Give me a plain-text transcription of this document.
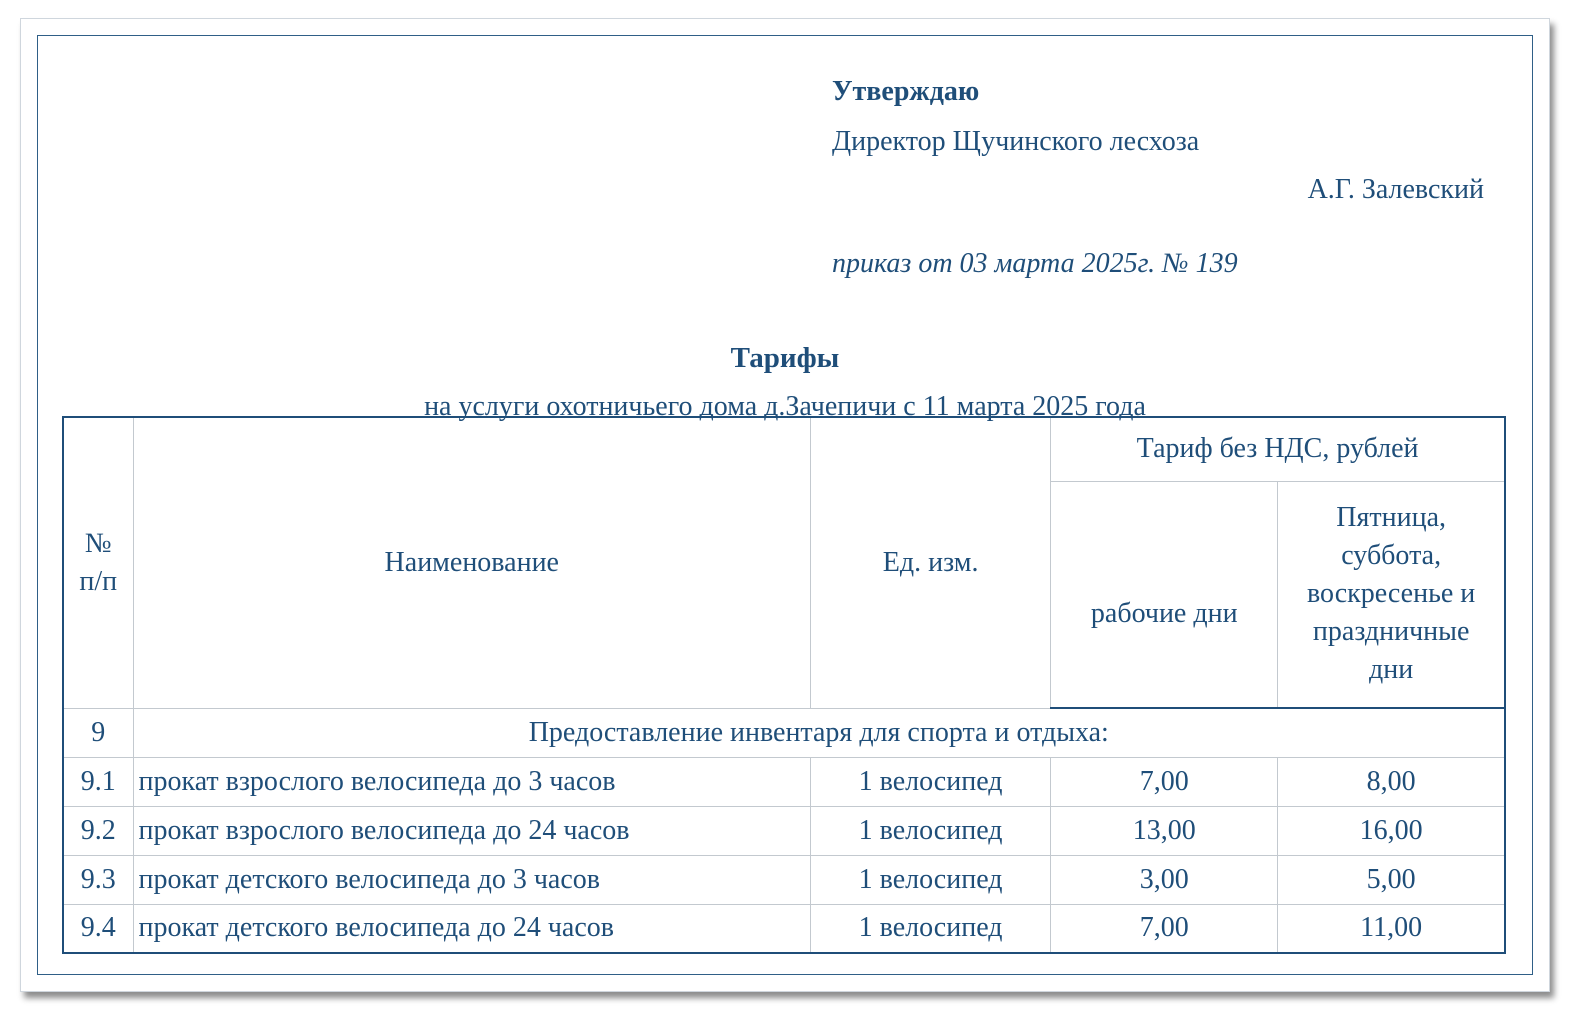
Утверждаю
Директор Щучинского лесхоза
А.Г. Залевский
приказ от 03 марта 2025г. № 139
Тарифы
на услуги охотничьего дома д.Зачепичи с 11 марта 2025 года
№ п/п	Наименование	Ед. изм.	Тариф без НДС, рублей	
			рабочие дни	Пятница, суббота, воскресенье и праздничные дни
9	Предоставление инвентаря для спорта и отдыха:			
9.1	прокат взрослого велосипеда до 3 часов	1 велосипед	7,00	8,00
9.2	прокат взрослого велосипеда до 24 часов	1 велосипед	13,00	16,00
9.3	прокат детского велосипеда до 3 часов	1 велосипед	3,00	5,00
9.4	прокат детского велосипеда до 24 часов	1 велосипед	7,00	11,00
